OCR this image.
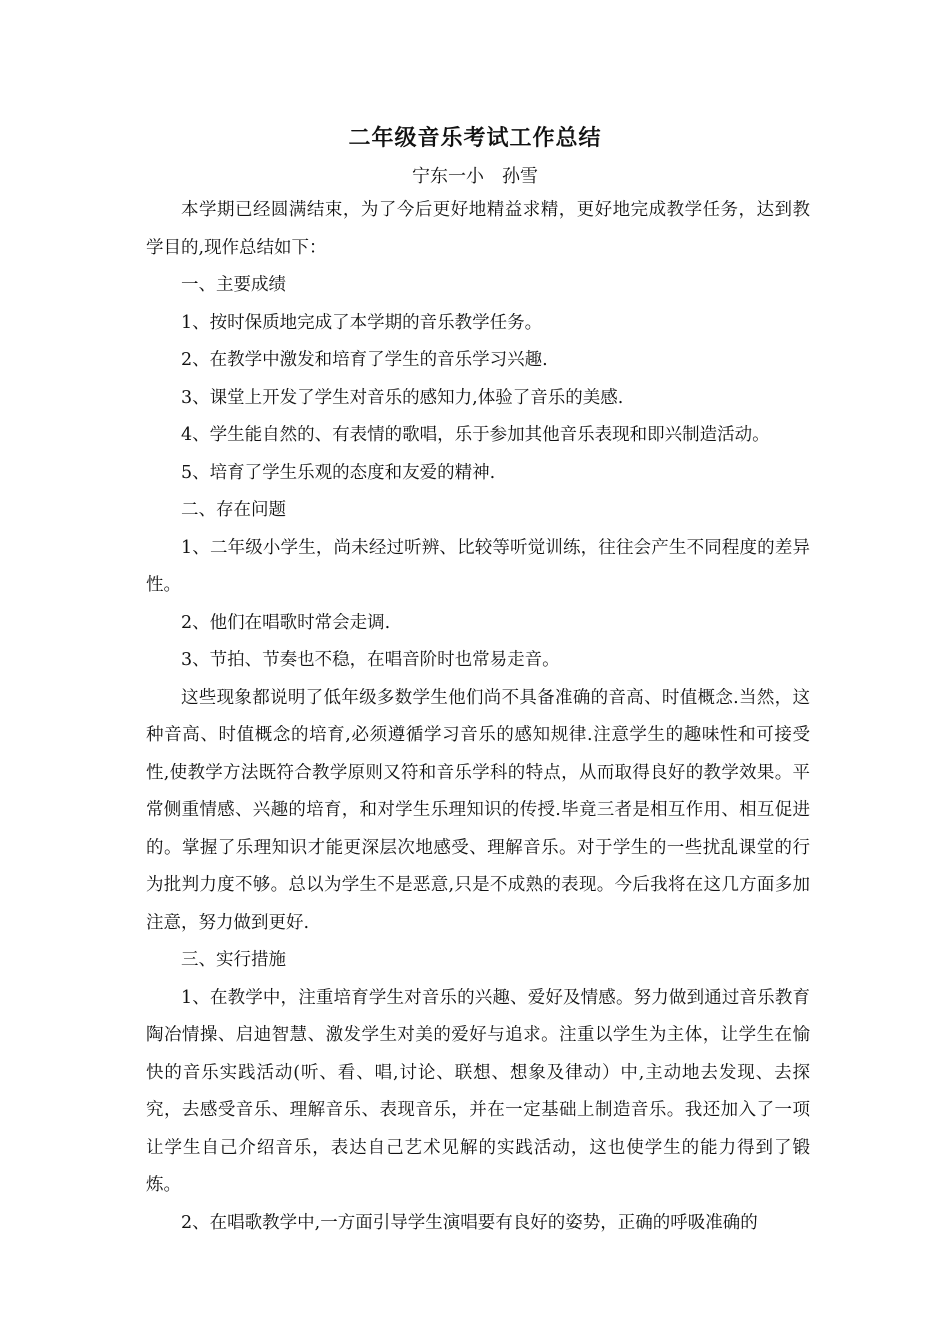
二年级音乐考试工作总结
宁东一小　孙雪

本学期已经圆满结束，为了今后更好地精益求精，更好地完成教学任务，达到教学目的,现作总结如下：

一、主要成绩

1、按时保质地完成了本学期的音乐教学任务。

2、在教学中激发和培育了学生的音乐学习兴趣.

3、课堂上开发了学生对音乐的感知力,体验了音乐的美感.

4、学生能自然的、有表情的歌唱，乐于参加其他音乐表现和即兴制造活动。

5、培育了学生乐观的态度和友爱的精神.

二、存在问题

1、二年级小学生，尚未经过听辨、比较等听觉训练，往往会产生不同程度的差异性。

2、他们在唱歌时常会走调.

3、节拍、节奏也不稳，在唱音阶时也常易走音。

这些现象都说明了低年级多数学生他们尚不具备准确的音高、时值概念.当然，这种音高、时值概念的培育,必须遵循学习音乐的感知规律.注意学生的趣味性和可接受性,使教学方法既符合教学原则又符和音乐学科的特点，从而取得良好的教学效果。平常侧重情感、兴趣的培育，和对学生乐理知识的传授.毕竟三者是相互作用、相互促进的。掌握了乐理知识才能更深层次地感受、理解音乐。对于学生的一些扰乱课堂的行为批判力度不够。总以为学生不是恶意,只是不成熟的表现。今后我将在这几方面多加注意，努力做到更好.

三、实行措施

1、在教学中，注重培育学生对音乐的兴趣、爱好及情感。努力做到通过音乐教育陶冶情操、启迪智慧、激发学生对美的爱好与追求。注重以学生为主体，让学生在愉快的音乐实践活动(听、看、唱,讨论、联想、想象及律动）中,主动地去发现、去探究，去感受音乐、理解音乐、表现音乐，并在一定基础上制造音乐。我还加入了一项让学生自己介绍音乐，表达自己艺术见解的实践活动，这也使学生的能力得到了锻炼。

2、在唱歌教学中,一方面引导学生演唱要有良好的姿势，正确的呼吸准确的
